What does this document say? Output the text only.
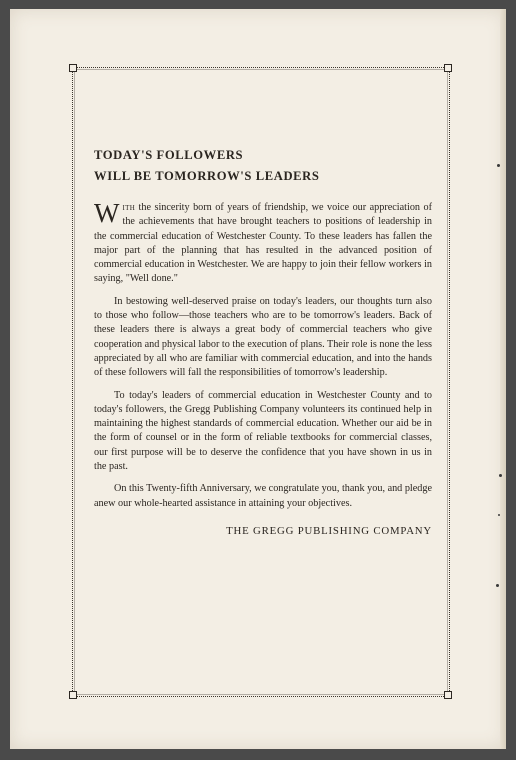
TODAY'S FOLLOWERS
WILL BE TOMORROW'S LEADERS

With the sincerity born of years of friendship, we voice our appreciation of the achievements that have brought teachers to positions of leadership in the commercial education of Westchester County. To these leaders has fallen the major part of the planning that has resulted in the advanced position of commercial education in Westchester. We are happy to join their fellow workers in saying, "Well done."

In bestowing well-deserved praise on today's leaders, our thoughts turn also to those who follow—those teachers who are to be tomorrow's leaders. Back of these leaders there is always a great body of commercial teachers who give cooperation and physical labor to the execution of plans. Their role is none the less appreciated by all who are familiar with commercial education, and into the hands of these followers will fall the responsibilities of tomorrow's leadership.

To today's leaders of commercial education in Westchester County and to today's followers, the Gregg Publishing Company volunteers its continued help in maintaining the highest standards of commercial education. Whether our aid be in the form of counsel or in the form of reliable textbooks for commercial classes, our first purpose will be to deserve the confidence that you have shown in us in the past.

On this Twenty-fifth Anniversary, we congratulate you, thank you, and pledge anew our whole-hearted assistance in attaining your objectives.

THE GREGG PUBLISHING COMPANY
